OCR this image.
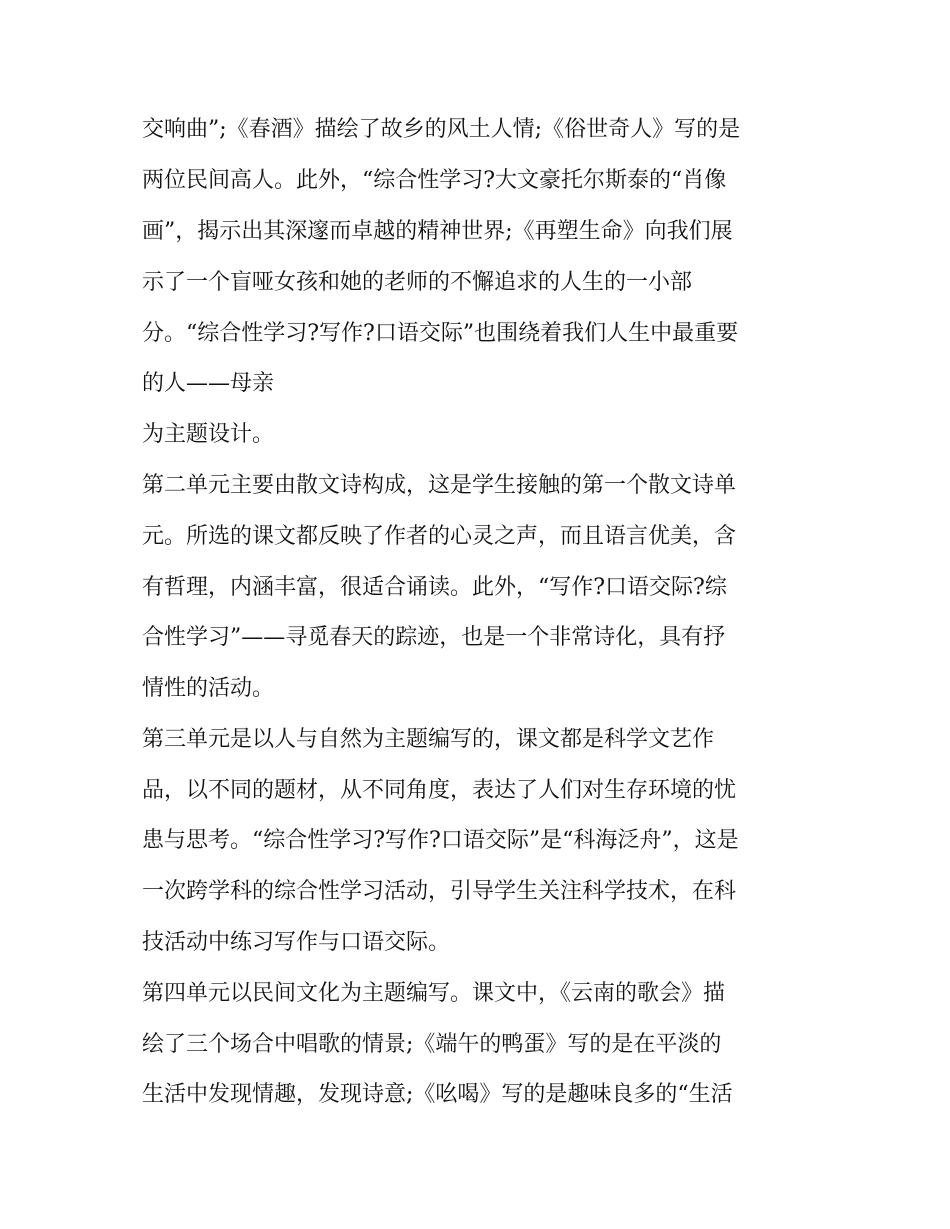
交响曲”;《春酒》描绘了故乡的风土人情;《俗世奇人》写的是
两位民间高人。此外，“综合性学习?大文豪托尔斯泰的“肖像
画”，揭示出其深邃而卓越的精神世界;《再塑生命》向我们展
示了一个盲哑女孩和她的老师的不懈追求的人生的一小部
分。“综合性学习?写作?口语交际”也围绕着我们人生中最重要
的人——母亲
为主题设计。
第二单元主要由散文诗构成，这是学生接触的第一个散文诗单
元。所选的课文都反映了作者的心灵之声，而且语言优美，含
有哲理，内涵丰富，很适合诵读。此外，“写作?口语交际?综
合性学习”——寻觅春天的踪迹，也是一个非常诗化，具有抒
情性的活动。
第三单元是以人与自然为主题编写的，课文都是科学文艺作
品，以不同的题材，从不同角度，表达了人们对生存环境的忧
患与思考。“综合性学习?写作?口语交际”是“科海泛舟”，这是
一次跨学科的综合性学习活动，引导学生关注科学技术，在科
技活动中练习写作与口语交际。
第四单元以民间文化为主题编写。课文中，《云南的歌会》描
绘了三个场合中唱歌的情景;《端午的鸭蛋》写的是在平淡的
生活中发现情趣，发现诗意;《吆喝》写的是趣味良多的“生活
